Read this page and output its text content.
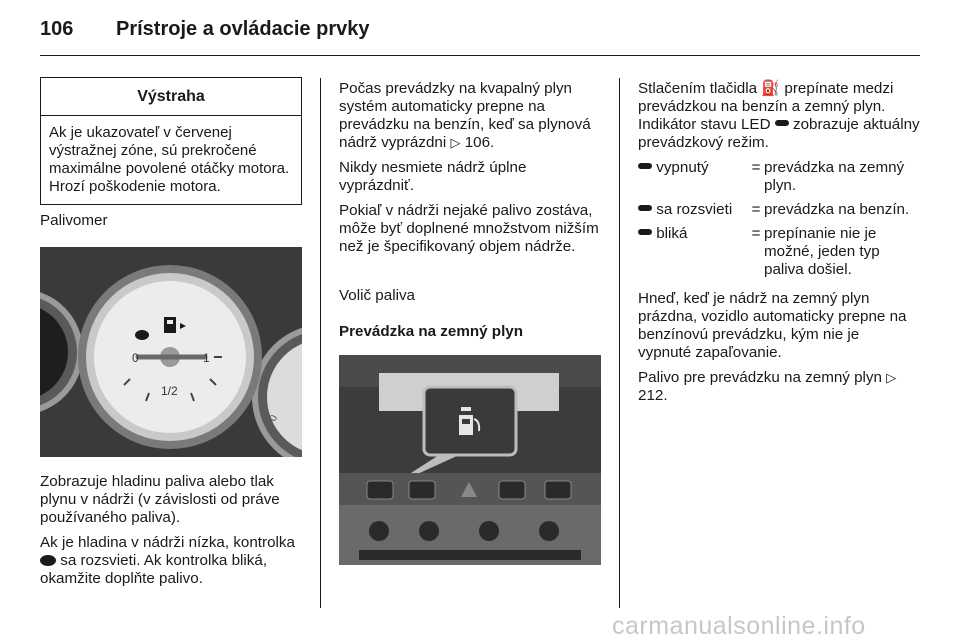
106 Prístroje a ovládacie prvky
Výstraha
Ak je ukazovateľ v červenej výstražnej zóne, sú prekročené maximálne povolené otáčky motora. Hrozí poškodenie motora.
Palivomer
0	1
1/2
70

Zobrazuje hladinu paliva alebo tlak plynu v nádrži (v závislosti od práve používaného paliva).

Ak je hladina v nádrži nízka, kontrolka  sa rozsvieti. Ak kontrolka bliká, okamžite doplňte palivo.

Počas prevádzky na kvapalný plyn systém automaticky prepne na prevádzku na benzín, keď sa plynová nádrž vyprázdni ▷ 106.

Nikdy nesmiete nádrž úplne vyprázdniť.

Pokiaľ v nádrži nejaké palivo zostáva, môže byť doplnené množstvom nižším než je špecifikovaný objem nádrže.

Volič paliva
Prevádzka na zemný plyn

Stlačením tlačidla ⛽ prepínate medzi prevádzkou na benzín a zemný plyn. Indikátor stavu LED zobrazuje aktuálny prevádzkový režim.

vypnutý	= prevádzka na zemný plyn.
sa rozsvieti	= prevádzka na benzín.
bliká	= prepínanie nie je možné, jeden typ paliva došiel.

Hneď, keď je nádrž na zemný plyn prázdna, vozidlo automaticky prepne na benzínovú prevádzku, kým nie je vypnuté zapaľovanie.

Palivo pre prevádzku na zemný plyn ▷ 212.

carmanualsonline.info
